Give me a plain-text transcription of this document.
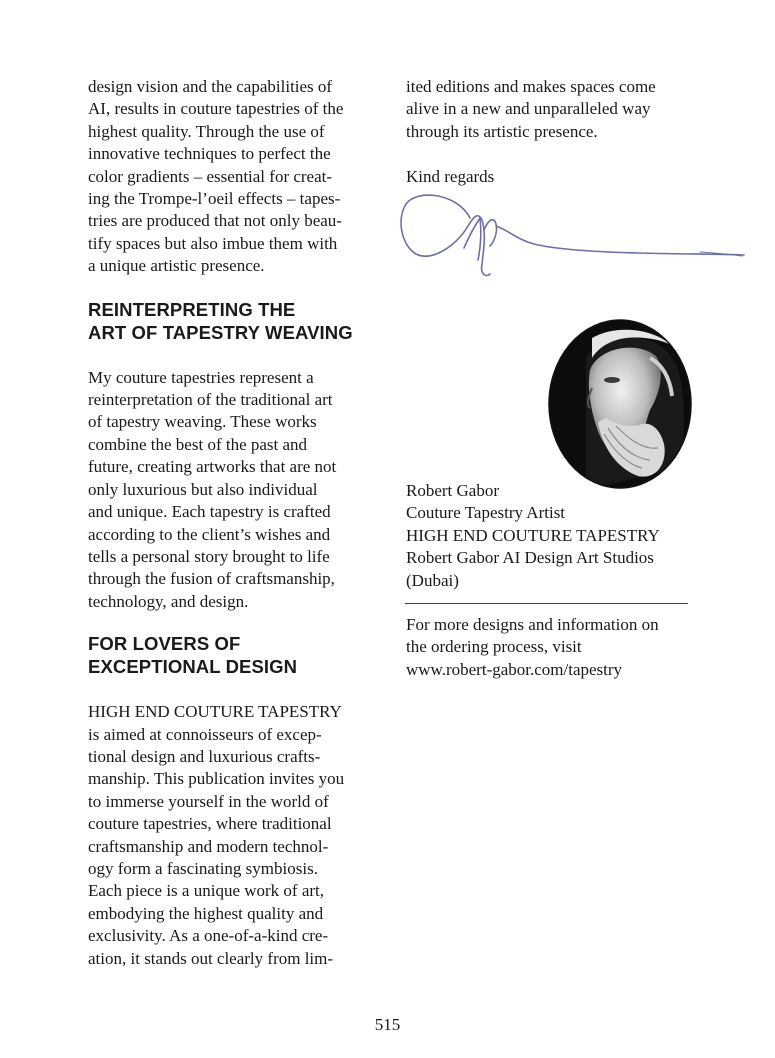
design vision and the capabilities of
AI, results in couture tapestries of the
highest quality. Through the use of
innovative techniques to perfect the
color gradients – essential for creat-
ing the Trompe-l’oeil effects – tapes-
tries are produced that not only beau-
tify spaces but also imbue them with
a unique artistic presence.
REINTERPRETING THE
ART OF TAPESTRY WEAVING
My couture tapestries represent a
reinterpretation of the traditional art
of tapestry weaving. These works
combine the best of the past and
future, creating artworks that are not
only luxurious but also individual
and unique. Each tapestry is crafted
according to the client’s wishes and
tells a personal story brought to life
through the fusion of craftsmanship,
technology, and design.
FOR LOVERS OF
EXCEPTIONAL DESIGN
HIGH END COUTURE TAPESTRY
is aimed at connoisseurs of excep-
tional design and luxurious crafts-
manship. This publication invites you
to immerse yourself in the world of
couture tapestries, where traditional
craftsmanship and modern technol-
ogy form a fascinating symbiosis.
Each piece is a unique work of art,
embodying the highest quality and
exclusivity. As a one-of-a-kind cre-
ation, it stands out clearly from lim-
ited editions and makes spaces come
alive in a new and unparalleled way
through its artistic presence.
Kind regards
Robert Gabor
Couture Tapestry Artist
HIGH END COUTURE TAPESTRY
Robert Gabor AI Design Art Studios
(Dubai)
For more designs and information on
the ordering process, visit
www.robert-gabor.com/tapestry
515
